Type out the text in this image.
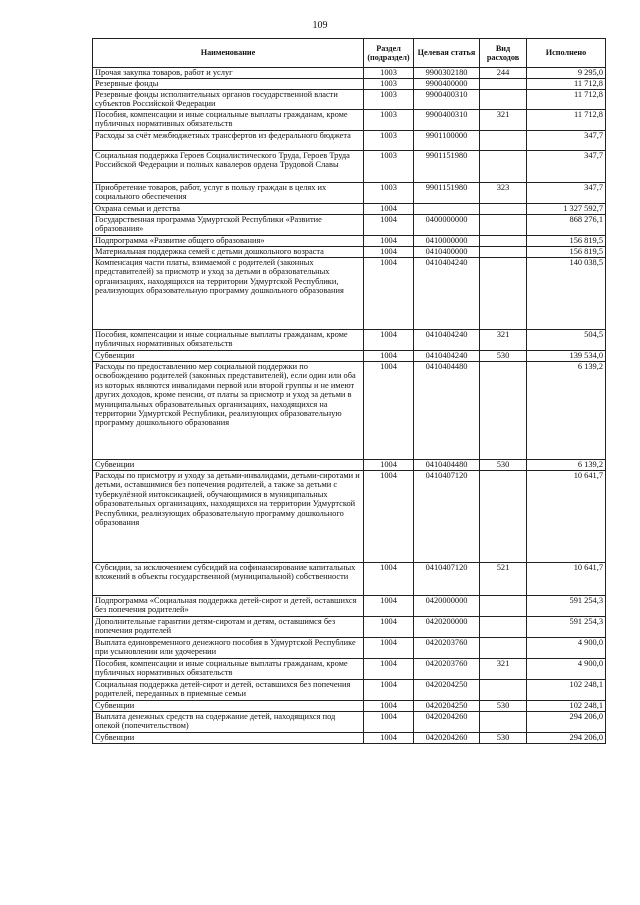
109
Наименование	Раздел (подраздел)	Целевая статья	Вид расходов	Исполнено
Прочая закупка товаров, работ и услуг	1003	9900302180	244	9 295,0
Резервные фонды	1003	9900400000		11 712,8
Резервные фонды исполнительных органов государственной власти субъектов Российской Федерации	1003	9900400310		11 712,8
Пособия, компенсации и иные социальные выплаты гражданам, кроме публичных нормативных обязательств	1003	9900400310	321	11 712,8
Расходы за счёт межбюджетных трансфертов из федерального бюджета	1003	9901100000		347,7
Социальная поддержка Героев Социалистического Труда, Героев Труда Российской Федерации и полных кавалеров ордена Трудовой Славы	1003	9901151980		347,7
Приобретение товаров, работ, услуг в пользу граждан в целях их социального обеспечения	1003	9901151980	323	347,7
Охрана семьи и детства	1004			1 327 592,7
Государственная программа Удмуртской Республики «Развитие образования»	1004	0400000000		868 276,1
Подпрограмма «Развитие общего образования»	1004	0410000000		156 819,5
Материальная поддержка семей с детьми дошкольного возраста	1004	0410400000		156 819,5
Компенсация части платы, взимаемой с родителей (законных представителей) за присмотр и уход за детьми в образовательных организациях, находящихся на территории Удмуртской Республики, реализующих образовательную программу дошкольного образования	1004	0410404240		140 038,5
Пособия, компенсации и иные социальные выплаты гражданам, кроме публичных нормативных обязательств	1004	0410404240	321	504,5
Субвенции	1004	0410404240	530	139 534,0
Расходы по предоставлению мер социальной поддержки по освобождению родителей (законных представителей), если один или оба из которых являются инвалидами первой или второй группы и не имеют других доходов, кроме пенсии, от платы за присмотр и уход за детьми в муниципальных образовательных организациях, находящихся на территории Удмуртской Республики, реализующих образовательную программу дошкольного образования	1004	0410404480		6 139,2
Субвенции	1004	0410404480	530	6 139,2
Расходы по присмотру и уходу за детьми-инвалидами, детьми-сиротами и детьми, оставшимися без попечения родителей, а также за детьми с туберкулёзной интоксикацией, обучающимися в муниципальных образовательных организациях, находящихся на территории Удмуртской Республики, реализующих образовательную программу дошкольного образования	1004	0410407120		10 641,7
Субсидии, за исключением субсидий на софинансирование капитальных вложений в объекты государственной (муниципальной) собственности	1004	0410407120	521	10 641,7
Подпрограмма «Социальная поддержка детей-сирот и детей, оставшихся без попечения родителей»	1004	0420000000		591 254,3
Дополнительные гарантии детям-сиротам и детям, оставшимся без попечения родителей	1004	0420200000		591 254,3
Выплата единовременного денежного пособия в Удмуртской Республике при усыновлении или удочерении	1004	0420203760		4 900,0
Пособия, компенсации и иные социальные выплаты гражданам, кроме публичных нормативных обязательств	1004	0420203760	321	4 900,0
Социальная поддержка детей-сирот и детей, оставшихся без попечения родителей, переданных в приемные семьи	1004	0420204250		102 248,1
Субвенции	1004	0420204250	530	102 248,1
Выплата денежных средств на содержание детей, находящихся под опекой (попечительством)	1004	0420204260		294 206,0
Субвенции	1004	0420204260	530	294 206,0
